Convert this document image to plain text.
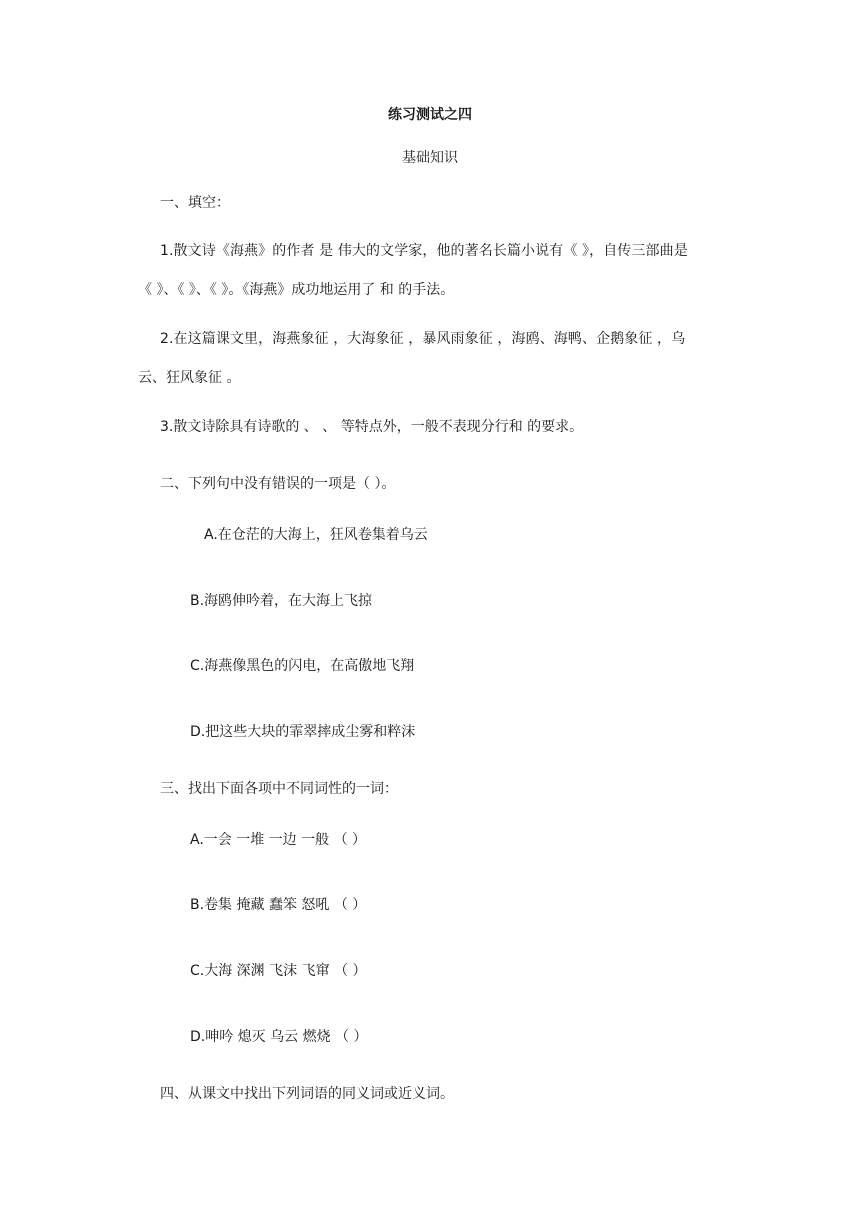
练习测试之四
基础知识
一、填空：
1.散文诗《海燕》的作者 是 伟大的文学家，他的著名长篇小说有《 》，自传三部曲是
《 》、《 》、《 》。《海燕》成功地运用了 和 的手法。
2.在这篇课文里，海燕象征 ，大海象征 ，暴风雨象征 ，海鸥、海鸭、企鹅象征 ，乌
云、狂风象征 。
3.散文诗除具有诗歌的 、 、 等特点外，一般不表现分行和 的要求。
二、下列句中没有错误的一项是（ ）。
A.在仓茫的大海上，狂风卷集着乌云
B.海鸥伸吟着，在大海上飞掠
C.海燕像黑色的闪电，在高傲地飞翔
D.把这些大块的霏翠摔成尘雾和粹沫
三、找出下面各项中不同词性的一词：
A.一会 一堆 一边 一般 （ ）
B.卷集 掩藏 蠢笨 怒吼 （ ）
C.大海 深渊 飞沫 飞窜 （ ）
D.呻吟 熄灭 乌云 燃烧 （ ）
四、从课文中找出下列词语的同义词或近义词。
